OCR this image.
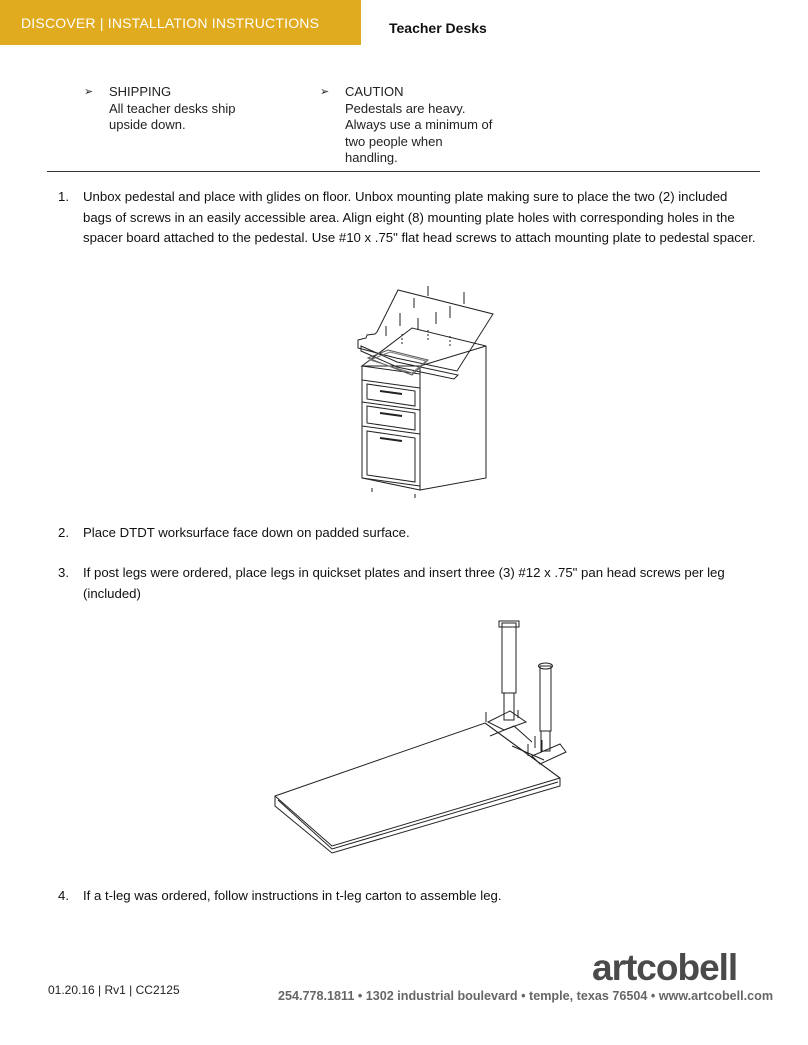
DISCOVER | INSTALLATION INSTRUCTIONS	Teacher Desks
➢ SHIPPING
All teacher desks ship
upside down.
➢ CAUTION
Pedestals are heavy.
Always use a minimum of
two people when
handling.
1. Unbox pedestal and place with glides on floor. Unbox mounting plate making sure to place the two (2) included bags of screws in an easily accessible area. Align eight (8) mounting plate holes with corresponding holes in the spacer board attached to the pedestal. Use #10 x .75" flat head screws to attach mounting plate to pedestal spacer.
2. Place DTDT worksurface face down on padded surface.
3. If post legs were ordered, place legs in quickset plates and insert three (3) #12 x .75" pan head screws per leg (included)
4. If a t-leg was ordered, follow instructions in t-leg carton to assemble leg.
01.20.16 | Rv1 | CC2125
artcobell
254.778.1811 • 1302 industrial boulevard • temple, texas 76504 • www.artcobell.com
